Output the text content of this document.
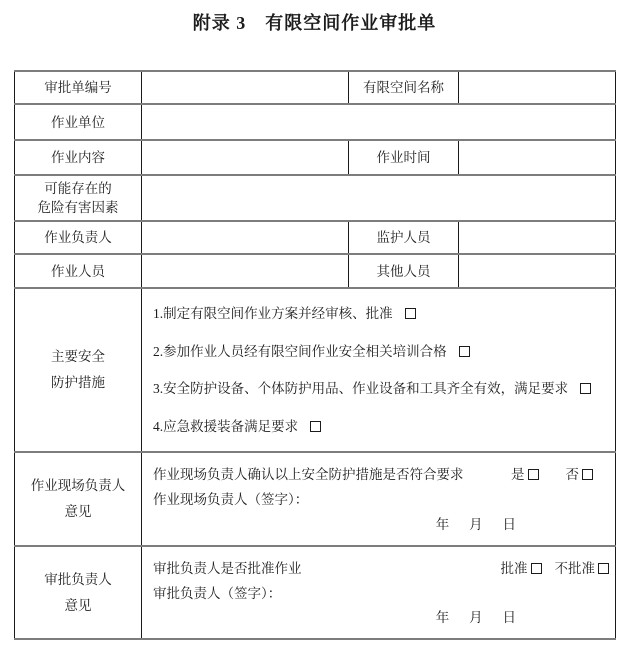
附录 3　有限空间作业审批单
审批单编号		有限空间名称	
作业单位			
作业内容		作业时间	

可能存在的
危险有害因素			

作业负责人		监护人员	
作业人员		其他人员	

主要安全
防护措施

1.制定有限空间作业方案并经审核、批准
2.参加作业人员经有限空间作业安全相关培训合格
3.安全防护设备、个体防护用品、作业设备和工具齐全有效，满足要求
4.应急救援装备满足要求

作业现场负责人
意见

作业现场负责人确认以上安全防护措施是否符合要求	是	否
作业现场负责人（签字）：
年　 月　 日

审批负责人
意见

审批负责人是否批准作业	批准	不批准
审批负责人（签字）：
年　 月　 日
